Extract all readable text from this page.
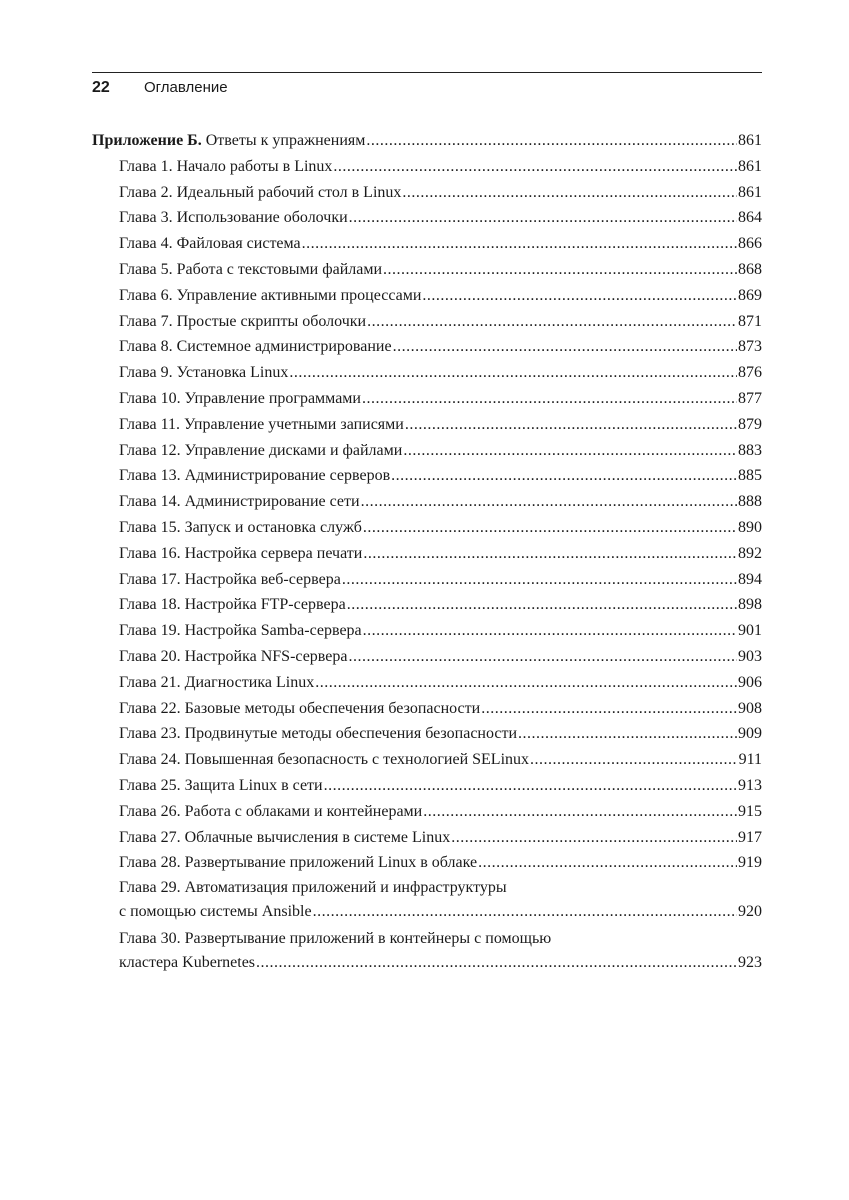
22	Оглавление
Приложение Б. Ответы к упражнениям .....	861
Глава 1. Начало работы в Linux .....	861
Глава 2. Идеальный рабочий стол в Linux .....	861
Глава 3. Использование оболочки .....	864
Глава 4. Файловая система .....	866
Глава 5. Работа с текстовыми файлами .....	868
Глава 6. Управление активными процессами .....	869
Глава 7. Простые скрипты оболочки .....	871
Глава 8. Системное администрирование .....	873
Глава 9. Установка Linux .....	876
Глава 10. Управление программами .....	877
Глава 11. Управление учетными записями .....	879
Глава 12. Управление дисками и файлами .....	883
Глава 13. Администрирование серверов .....	885
Глава 14. Администрирование сети .....	888
Глава 15. Запуск и остановка служб .....	890
Глава 16. Настройка сервера печати .....	892
Глава 17. Настройка веб-сервера .....	894
Глава 18. Настройка FTP-сервера .....	898
Глава 19. Настройка Samba-сервера .....	901
Глава 20. Настройка NFS-сервера .....	903
Глава 21. Диагностика Linux .....	906
Глава 22. Базовые методы обеспечения безопасности .....	908
Глава 23. Продвинутые методы обеспечения безопасности .....	909
Глава 24. Повышенная безопасность с технологией SELinux .....	911
Глава 25. Защита Linux в сети .....	913
Глава 26. Работа с облаками и контейнерами .....	915
Глава 27. Облачные вычисления в системе Linux .....	917
Глава 28. Развертывание приложений Linux в облаке .....	919
Глава 29. Автоматизация приложений и инфраструктуры
с помощью системы Ansible .....	920
Глава 30. Развертывание приложений в контейнеры с помощью
кластера Kubernetes .....	923
